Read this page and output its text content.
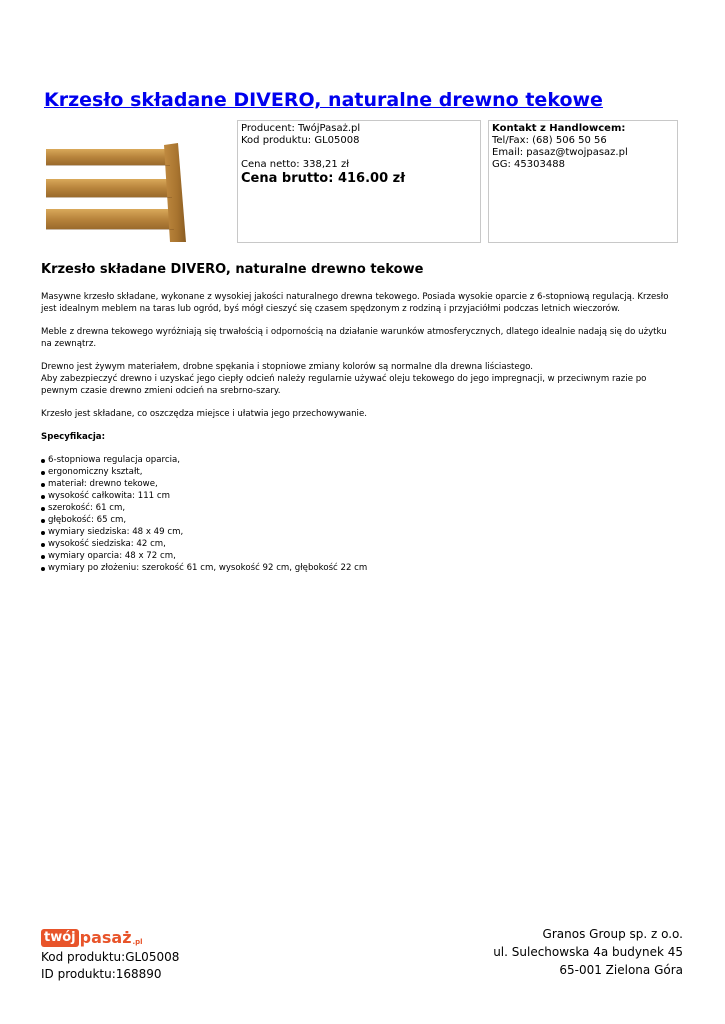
Krzesło składane DIVERO, naturalne drewno tekowe
Producent: TwójPasaż.pl
Kod produktu: GL05008
Cena netto: 338,21 zł
Cena brutto: 416.00 zł
Kontakt z Handlowcem:
Tel/Fax: (68) 506 50 56
Email: pasaz@twojpasaz.pl
GG: 45303488
Krzesło składane DIVERO, naturalne drewno tekowe

Masywne krzesło składane, wykonane z wysokiej jakości naturalnego drewna tekowego. Posiada wysokie oparcie z 6-stopniową regulacją. Krzesło jest idealnym meblem na taras lub ogród, byś mógł cieszyć się czasem spędzonym z rodziną i przyjaciółmi podczas letnich wieczorów.

Meble z drewna tekowego wyróżniają się trwałością i odpornością na działanie warunków atmosferycznych, dlatego idealnie nadają się do użytku na zewnątrz.

Drewno jest żywym materiałem, drobne spękania i stopniowe zmiany kolorów są normalne dla drewna liściastego.
Aby zabezpieczyć drewno i uzyskać jego ciepły odcień należy regularnie używać oleju tekowego do jego impregnacji, w przeciwnym razie po pewnym czasie drewno zmieni odcień na srebrno-szary.

Krzesło jest składane, co oszczędza miejsce i ułatwia jego przechowywanie.

Specyfikacja:
6-stopniowa regulacja oparcia,
ergonomiczny kształt,
materiał: drewno tekowe,
wysokość całkowita: 111 cm
szerokość: 61 cm,
głębokość: 65 cm,
wymiary siedziska: 48 x 49 cm,
wysokość siedziska: 42 cm,
wymiary oparcia: 48 x 72 cm,
wymiary po złożeniu: szerokość 61 cm, wysokość 92 cm, głębokość 22 cm
twój pasaż .pl
Kod produktu:GL05008
ID produktu:168890
Granos Group sp. z o.o.
ul. Sulechowska 4a budynek 45
65-001 Zielona Góra
